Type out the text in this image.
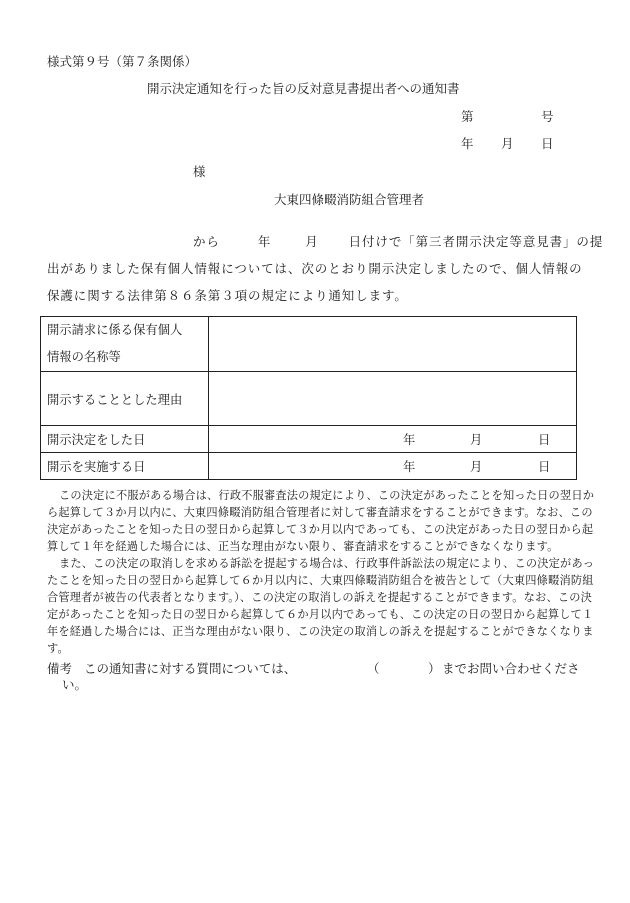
様式第９号（第７条関係）
開示決定通知を行った旨の反対意見書提出者への通知書
第	号
年 月 日
様
大東四條畷消防組合管理者
から	年	月 日付けで「第三者開示決定等意見書」の提
出がありました保有個人情報については、次のとおり開示決定しましたので、個人情報の
保護に関する法律第８６条第３項の規定により通知します。
開示請求に係る保有個人
情報の名称等	

開示することとした理由	
開示決定をした日	年 月 日

開示を実施する日	年 月 日
この決定に不服がある場合は、行政不服審査法の規定により、この決定があったことを知った日の翌日か
ら起算して３か月以内に、大東四條畷消防組合管理者に対して審査請求をすることができます。なお、この
決定があったことを知った日の翌日から起算して３か月以内であっても、この決定があった日の翌日から起
算して１年を経過した場合には、正当な理由がない限り、審査請求をすることができなくなります。
また、この決定の取消しを求める訴訟を提起する場合は、行政事件訴訟法の規定により、この決定があっ
たことを知った日の翌日から起算して６か月以内に、大東四條畷消防組合を被告として（大東四條畷消防組
合管理者が被告の代表者となります。）、この決定の取消しの訴えを提起することができます。なお、この決
定があったことを知った日の翌日から起算して６か月以内であっても、この決定の日の翌日から起算して１
年を経過した場合には、正当な理由がない限り、この決定の取消しの訴えを提起することができなくなりま
す。
備考 この通知書に対する質問については、	（	） までお問い合わせくださ
い。
